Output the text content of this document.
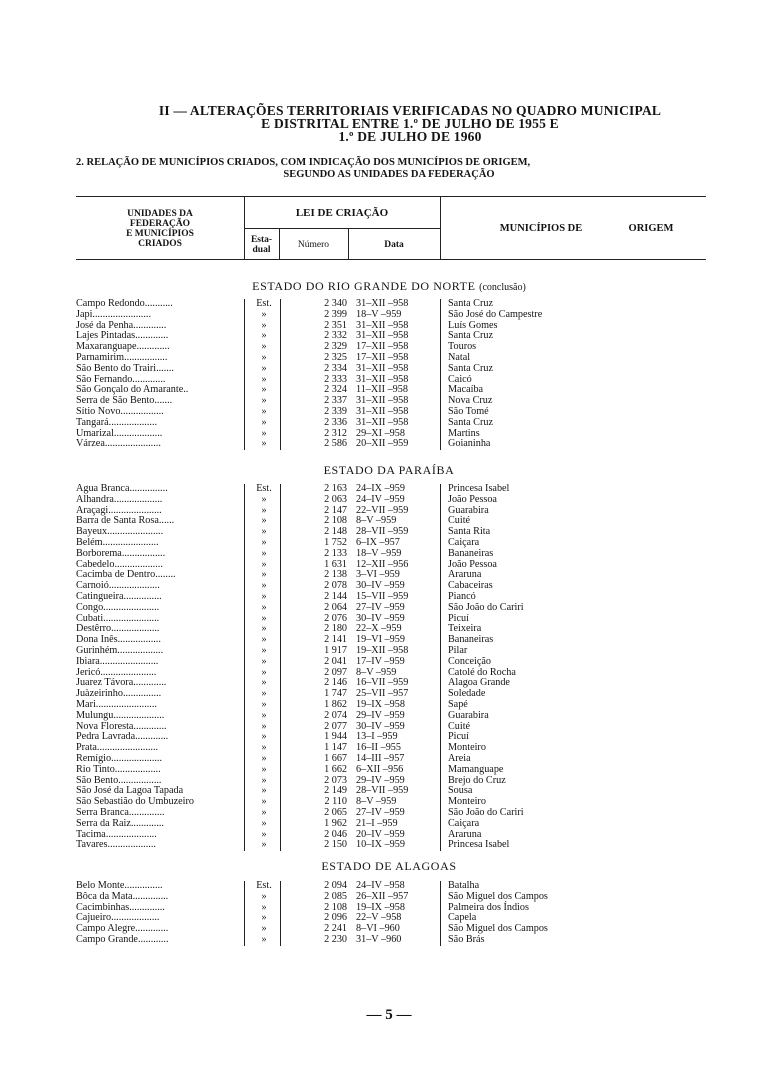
II — ALTERAÇÕES TERRITORIAIS VERIFICADAS NO QUADRO MUNICIPAL
E DISTRITAL ENTRE 1.º DE JULHO DE 1955 E
1.º DE JULHO DE 1960
2. RELAÇÃO DE MUNICÍPIOS CRIADOS, COM INDICAÇÃO DOS MUNICÍPIOS DE ORIGEM,
SEGUNDO AS UNIDADES DA FEDERAÇÃO
UNIDADES DA
FEDERAÇÃO
E MUNICÍPIOS
CRIADOS
LEI DE CRIAÇÃO
Esta-
dual	Número	Data
MUNICÍPIOS DE	ORIGEM
ESTADO DO RIO GRANDE DO NORTE (conclusão)
Campo Redondo...........	Est.	2 340 31–XII –958	Santa Cruz
Japi.......................	»	2 399 18–V –959	São José do Campestre
José da Penha.............	»	2 351 31–XII –958	Luís Gomes
Lajes Pintadas.............	»	2 332 31–XII –958	Santa Cruz
Maxaranguape.............	»	2 329 17–XII –958	Touros
Parnamirim.................	»	2 325 17–XII –958	Natal
São Bento do Trairi.......	»	2 334 31–XII –958	Santa Cruz
São Fernando.............	»	2 333 31–XII –958	Caicó
São Gonçalo do Amarante..	»	2 324 11–XII –958	Macaíba
Serra de São Bento.......	»	2 337 31–XII –958	Nova Cruz
Sítio Novo.................	»	2 339 31–XII –958	São Tomé
Tangará...................	»	2 336 31–XII –958	Santa Cruz
Umarizal...................	»	2 312 29–XI –958	Martins
Várzea......................	»	2 586 20–XII –959	Goianinha
ESTADO DA PARAÍBA
Água Branca...............	Est.	2 163 24–IX –959	Princesa Isabel
Alhandra...................	»	2 063 24–IV –959	João Pessoa
Araçagi.....................	»	2 147 22–VII –959	Guarabira
Barra de Santa Rosa......	»	2 108 8–V –959	Cuité
Bayeux......................	»	2 148 28–VII –959	Santa Rita
Belém......................	»	1 752 6–IX –957	Caiçara
Borborema.................	»	2 133 18–V –959	Bananeiras
Cabedelo...................	»	1 631 12–XII –956	João Pessoa
Cacimba de Dentro........	»	2 138 3–VI –959	Araruna
Carnoió....................	»	2 078 30–IV –959	Cabaceiras
Catingueira...............	»	2 144 15–VII –959	Piancó
Congo......................	»	2 064 27–IV –959	São João do Cariri
Cubati......................	»	2 076 30–IV –959	Picuí
Destêrro...................	»	2 180 22–X –959	Teixeira
Dona Inês.................	»	2 141 19–VI –959	Bananeiras
Gurinhém..................	»	1 917 19–XII –958	Pilar
Ibiara.......................	»	2 041 17–IV –959	Conceição
Jericó......................	»	2 097 8–V –959	Catolé do Rocha
Juarez Távora.............	»	2 146 16–VII –959	Alagoa Grande
Juàzeirinho...............	»	1 747 25–VII –957	Soledade
Mari........................	»	1 862 19–IX –958	Sapé
Mulungu....................	»	2 074 29–IV –959	Guarabira
Nova Floresta.............	»	2 077 30–IV –959	Cuité
Pedra Lavrada.............	»	1 944 13–I –959	Picuí
Prata........................	»	1 147 16–II –955	Monteiro
Remígio....................	»	1 667 14–III –957	Areia
Rio Tinto..................	»	1 662 6–XII –956	Mamanguape
São Bento.................	»	2 073 29–IV –959	Brejo do Cruz
São José da Lagoa Tapada	»	2 149 28–VII –959	Sousa
São Sebastião do Umbuzeiro	»	2 110 8–V –959	Monteiro
Serra Branca..............	»	2 065 27–IV –959	São João do Cariri
Serra da Raiz.............	»	1 962 21–I –959	Caiçara
Tacima....................	»	2 046 20–IV –959	Araruna
Tavares...................	»	2 150 10–IX –959	Princesa Isabel
ESTADO DE ALAGOAS
Belo Monte...............	Est.	2 094 24–IV –958	Batalha
Bôca da Mata..............	»	2 085 26–XII –957	São Miguel dos Campos
Cacimbinhas..............	»	2 108 19–IX –958	Palmeira dos Índios
Cajueiro...................	»	2 096 22–V –958	Capela
Campo Alegre.............	»	2 241 8–VI –960	São Miguel dos Campos
Campo Grande............	»	2 230 31–V –960	São Brás
— 5 —
